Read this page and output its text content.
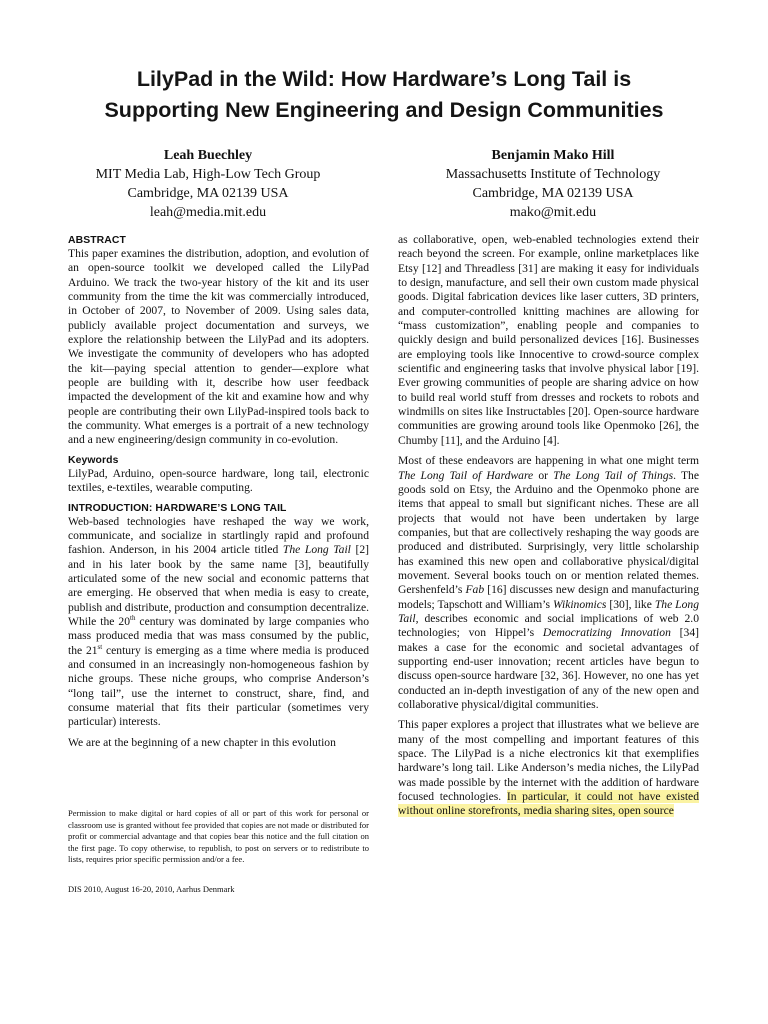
LilyPad in the Wild: How Hardware’s Long Tail is
Supporting New Engineering and Design Communities
Leah Buechley
MIT Media Lab, High-Low Tech Group
Cambridge, MA 02139 USA
leah@media.mit.edu
Benjamin Mako Hill
Massachusetts Institute of Technology
Cambridge, MA 02139 USA
mako@mit.edu
ABSTRACT

This paper examines the distribution, adoption, and evolution of an open-source toolkit we developed called the LilyPad Arduino. We track the two-year history of the kit and its user community from the time the kit was commercially introduced, in October of 2007, to November of 2009. Using sales data, publicly available project documentation and surveys, we explore the relationship between the LilyPad and its adopters. We investigate the community of developers who has adopted the kit—paying special attention to gender—explore what people are building with it, describe how user feedback impacted the development of the kit and examine how and why people are contributing their own LilyPad-inspired tools back to the community. What emerges is a portrait of a new technology and a new engineering/design community in co-evolution.

Keywords

LilyPad, Arduino, open-source hardware, long tail, electronic textiles, e-textiles, wearable computing.

INTRODUCTION: HARDWARE’S LONG TAIL

Web-based technologies have reshaped the way we work, communicate, and socialize in startlingly rapid and profound fashion. Anderson, in his 2004 article titled The Long Tail [2] and in his later book by the same name [3], beautifully articulated some of the new social and economic patterns that are emerging. He observed that when media is easy to create, publish and distribute, production and consumption decentralize. While the 20th century was dominated by large companies who mass produced media that was mass consumed by the public, the 21st century is emerging as a time where media is produced and consumed in an increasingly non-homogeneous fashion by niche groups. These niche groups, who comprise Anderson’s “long tail”, use the internet to construct, share, find, and consume material that fits their particular (sometimes very particular) interests.

We are at the beginning of a new chapter in this evolution

Permission to make digital or hard copies of all or part of this work for personal or classroom use is granted without fee provided that copies are not made or distributed for profit or commercial advantage and that copies bear this notice and the full citation on the first page. To copy otherwise, to republish, to post on servers or to redistribute to lists, requires prior specific permission and/or a fee.
DIS 2010, August 16-20, 2010, Aarhus Denmark

as collaborative, open, web-enabled technologies extend their reach beyond the screen. For example, online marketplaces like Etsy [12] and Threadless [31] are making it easy for individuals to design, manufacture, and sell their own custom made physical goods. Digital fabrication devices like laser cutters, 3D printers, and computer-controlled knitting machines are allowing for “mass customization”, enabling people and companies to quickly design and build personalized devices [16]. Businesses are employing tools like Innocentive to crowd-source complex scientific and engineering tasks that involve physical labor [19]. Ever growing communities of people are sharing advice on how to build real world stuff from dresses and rockets to robots and windmills on sites like Instructables [20]. Open-source hardware communities are growing around tools like Openmoko [26], the Chumby [11], and the Arduino [4].

Most of these endeavors are happening in what one might term The Long Tail of Hardware or The Long Tail of Things. The goods sold on Etsy, the Arduino and the Openmoko phone are items that appeal to small but significant niches. These are all projects that would not have been undertaken by large companies, but that are collectively reshaping the way goods are produced and distributed. Surprisingly, very little scholarship has examined this new open and collaborative physical/digital movement. Several books touch on or mention related themes. Gershenfeld’s Fab [16] discusses new design and manufacturing models; Tapschott and William’s Wikinomics [30], like The Long Tail, describes economic and social implications of web 2.0 technologies; von Hippel’s Democratizing Innovation [34] makes a case for the economic and societal advantages of supporting end-user innovation; recent articles have begun to discuss open-source hardware [32, 36]. However, no one has yet conducted an in-depth investigation of any of the new open and collaborative physical/digital communities.

This paper explores a project that illustrates what we believe are many of the most compelling and important features of this space. The LilyPad is a niche electronics kit that exemplifies hardware’s long tail. Like Anderson’s media niches, the LilyPad was made possible by the internet with the addition of hardware focused technologies. In particular, it could not have existed without online storefronts, media sharing sites, open source
